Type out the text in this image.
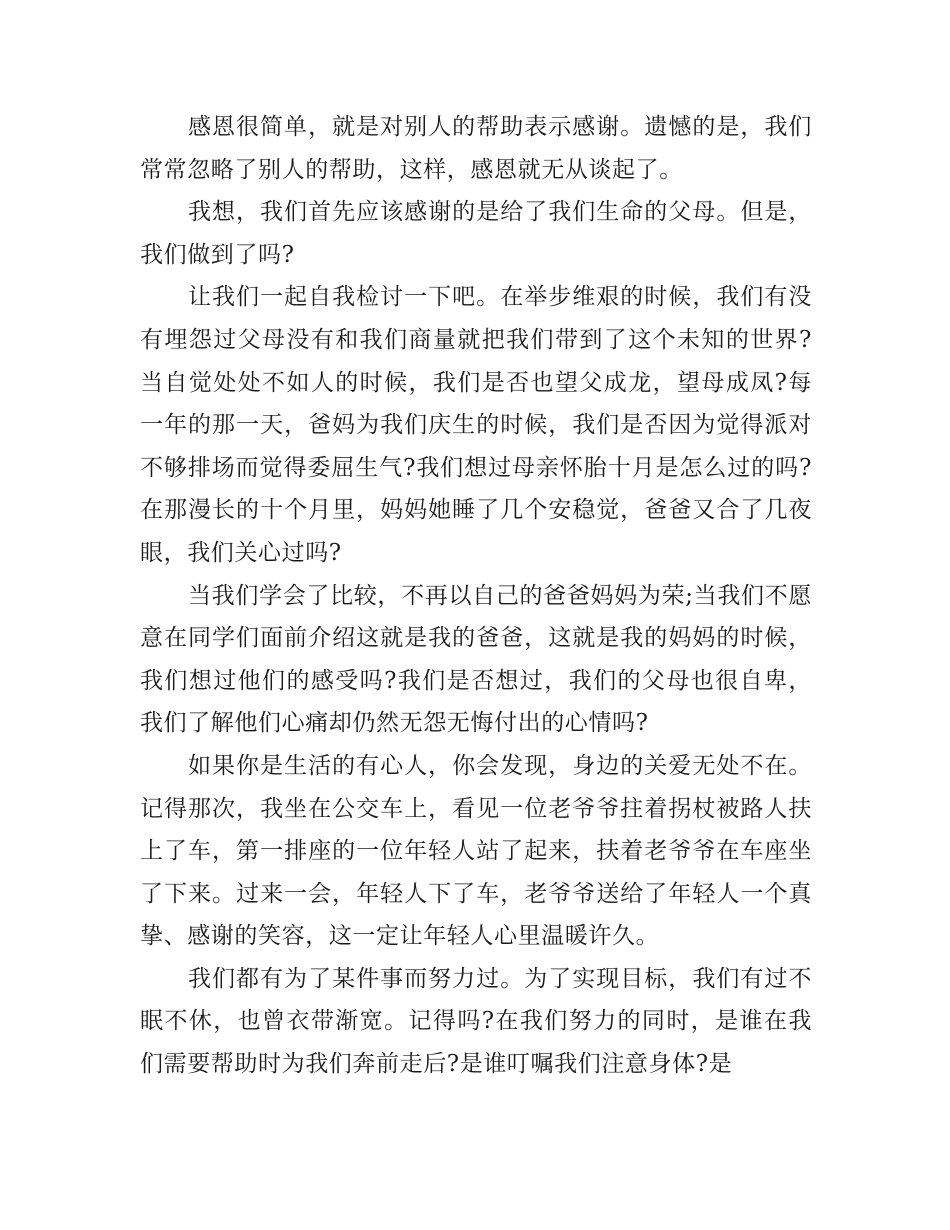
感恩很简单，就是对别人的帮助表示感谢。遗憾的是，我们常常忽略了别人的帮助，这样，感恩就无从谈起了。

我想，我们首先应该感谢的是给了我们生命的父母。但是，我们做到了吗?

让我们一起自我检讨一下吧。在举步维艰的时候，我们有没有埋怨过父母没有和我们商量就把我们带到了这个未知的世界?当自觉处处不如人的时候，我们是否也望父成龙，望母成凤?每一年的那一天，爸妈为我们庆生的时候，我们是否因为觉得派对不够排场而觉得委屈生气?我们想过母亲怀胎十月是怎么过的吗?在那漫长的十个月里，妈妈她睡了几个安稳觉，爸爸又合了几夜眼，我们关心过吗?

当我们学会了比较，不再以自己的爸爸妈妈为荣;当我们不愿意在同学们面前介绍这就是我的爸爸，这就是我的妈妈的时候，我们想过他们的感受吗?我们是否想过，我们的父母也很自卑，我们了解他们心痛却仍然无怨无悔付出的心情吗?

如果你是生活的有心人，你会发现，身边的关爱无处不在。 记得那次，我坐在公交车上，看见一位老爷爷拄着拐杖被路人扶上了车，第一排座的一位年轻人站了起来，扶着老爷爷在车座坐了下来。过来一会，年轻人下了车，老爷爷送给了年轻人一个真挚、感谢的笑容，这一定让年轻人心里温暖许久。

我们都有为了某件事而努力过。为了实现目标，我们有过不眠不休，也曾衣带渐宽。记得吗?在我们努力的同时，是谁在我们需要帮助时为我们奔前走后?是谁叮嘱我们注意身体?是
